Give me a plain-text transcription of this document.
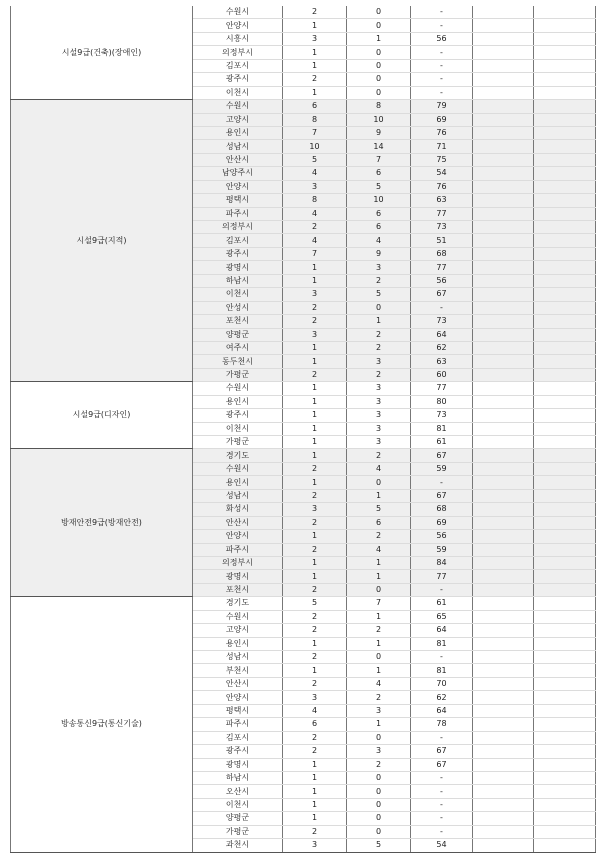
시설9급(건축)(장애인)	수원시	2	0	-		
	안양시	1	0	-		
	시흥시	3	1	56		
	의정부시	1	0	-		
	김포시	1	0	-		
	광주시	2	0	-		
	이천시	1	0	-		
시설9급(지적)	수원시	6	8	79		
	고양시	8	10	69		
	용인시	7	9	76		
	성남시	10	14	71		
	안산시	5	7	75		
	남양주시	4	6	54		
	안양시	3	5	76		
	평택시	8	10	63		
	파주시	4	6	77		
	의정부시	2	6	73		
	김포시	4	4	51		
	광주시	7	9	68		
	광명시	1	3	77		
	하남시	1	2	56		
	이천시	3	5	67		
	안성시	2	0	-		
	포천시	2	1	73		
	양평군	3	2	64		
	여주시	1	2	62		
	동두천시	1	3	63		
	가평군	2	2	60		
시설9급(디자인)	수원시	1	3	77		
	용인시	1	3	80		
	광주시	1	3	73		
	이천시	1	3	81		
	가평군	1	3	61		
방재안전9급(방재안전)	경기도	1	2	67		
	수원시	2	4	59		
	용인시	1	0	-		
	성남시	2	1	67		
	화성시	3	5	68		
	안산시	2	6	69		
	안양시	1	2	56		
	파주시	2	4	59		
	의정부시	1	1	84		
	광명시	1	1	77		
	포천시	2	0	-		
방송통신9급(통신기술)	경기도	5	7	61		
	수원시	2	1	65		
	고양시	2	2	64		
	용인시	1	1	81		
	성남시	2	0	-		
	부천시	1	1	81		
	안산시	2	4	70		
	안양시	3	2	62		
	평택시	4	3	64		
	파주시	6	1	78		
	김포시	2	0	-		
	광주시	2	3	67		
	광명시	1	2	67		
	하남시	1	0	-		
	오산시	1	0	-		
	이천시	1	0	-		
	양평군	1	0	-		
	가평군	2	0	-		
	과천시	3	5	54		
